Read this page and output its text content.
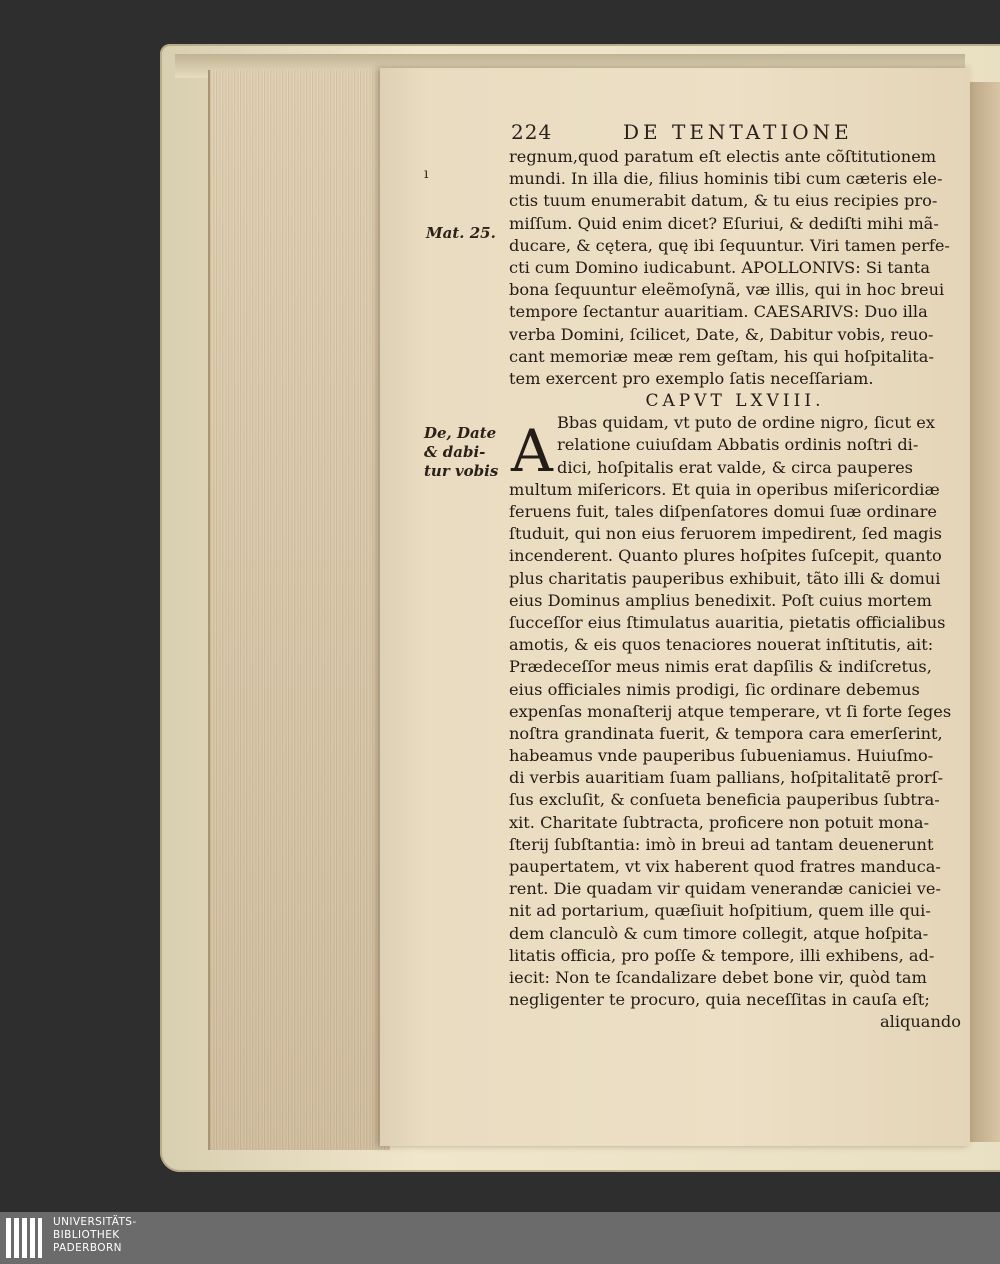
224	DE TENTATIONE
ı
Mat. 25.
De, Date
& dabi-
tur vobis A
regnum,quod paratum eſt electis ante cõſtitutionem
mundi. In illa die, filius hominis tibi cum cæteris ele-
ctis tuum enumerabit datum, & tu eius recipies pro-
miſſum. Quid enim dicet? Eſuriui, & dediſti mihi mã-
ducare, & cętera, quę ibi ſequuntur. Viri tamen perfe-
cti cum Domino iudicabunt. APOLLONIVS: Si tanta
bona ſequuntur eleẽmoſynã, væ illis, qui in hoc breui
tempore ſectantur auaritiam. CAESARIVS: Duo illa
verba Domini, ſcilicet, Date, &, Dabitur vobis, reuo-
cant memoriæ meæ rem geſtam, his qui hoſpitalita-
tem exercent pro exemplo ſatis neceſſariam.
CAPVT LXVIII.
Bbas quidam, vt puto de ordine nigro, ſicut ex
relatione cuiuſdam Abbatis ordinis noſtri di-
dici, hoſpitalis erat valde, & circa pauperes
multum miſericors. Et quia in operibus miſericordiæ
feruens fuit, tales diſpenſatores domui ſuæ ordinare
ſtuduit, qui non eius feruorem impedirent, ſed magis
incenderent. Quanto plures hoſpites ſuſcepit, quanto
plus charitatis pauperibus exhibuit, tãto illi & domui
eius Dominus amplius benedixit. Poſt cuius mortem
ſucceſſor eius ſtimulatus auaritia, pietatis officialibus
amotis, & eis quos tenaciores nouerat inſtitutis, ait:
Prædeceſſor meus nimis erat dapſilis & indiſcretus,
eius officiales nimis prodigi, ſic ordinare debemus
expenſas monaſterij atque temperare, vt ſi forte ſeges
noſtra grandinata fuerit, & tempora cara emerſerint,
habeamus vnde pauperibus ſubueniamus. Huiuſmo-
di verbis auaritiam ſuam pallians, hoſpitalitatẽ prorſ-
ſus excluſit, & conſueta beneficia pauperibus ſubtra-
xit. Charitate ſubtracta, proficere non potuit mona-
ſterij ſubſtantia: imò in breui ad tantam deuenerunt
paupertatem, vt vix haberent quod fratres manduca-
rent. Die quadam vir quidam venerandæ caniciei ve-
nit ad portarium, quæſiuit hoſpitium, quem ille qui-
dem clanculò & cum timore collegit, atque hoſpita-
litatis officia, pro poſſe & tempore, illi exhibens, ad-
iecit: Non te ſcandalizare debet bone vir, quòd tam
negligenter te procuro, quia neceſſitas in cauſa eſt;
aliquando
UNIVERSITÄTS-
BIBLIOTHEK
PADERBORN
